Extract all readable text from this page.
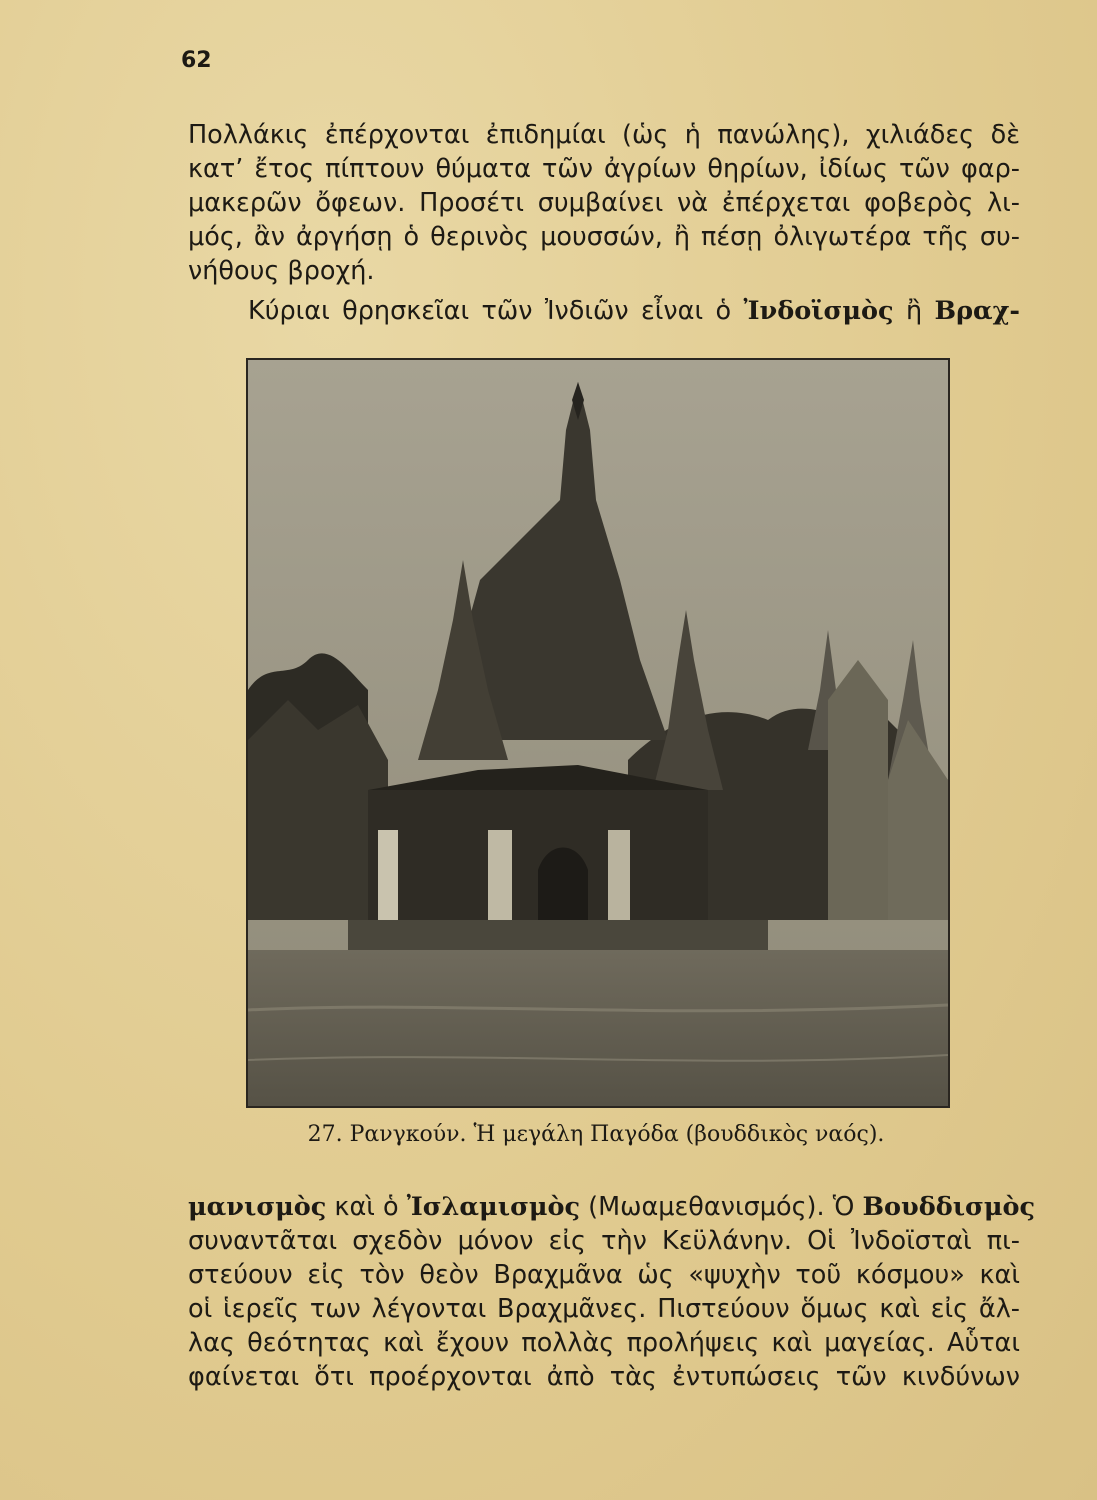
62

Πολλάκις ἐπέρχονται ἐπιδημίαι (ὡς ἡ πανώλης), χιλιάδες δὲ
κατ’ ἔτος πίπτουν θύματα τῶν ἀγρίων θηρίων, ἰδίως τῶν φαρ-
μακερῶν ὄφεων. Προσέτι συμβαίνει νὰ ἐπέρχεται φοβερὸς λι-
μός, ἂν ἀργήσῃ ὁ θερινὸς μουσσών, ἢ πέσῃ ὀλιγωτέρα τῆς συ-
νήθους βροχή.

Κύριαι θρησκεῖαι τῶν Ἰνδιῶν εἶναι ὁ Ἰνδοϊσμὸς ἢ Βραχ-

27. Ρανγκούν. Ἡ μεγάλη Παγόδα (βουδδικὸς ναός).

μανισμὸς καὶ ὁ Ἰσλαμισμὸς (Μωαμεθανισμός). Ὁ Βουδδισμὸς
συναντᾶται σχεδὸν μόνον εἰς τὴν Κεϋλάνην. Οἱ Ἰνδοϊσταὶ πι-
στεύουν εἰς τὸν θεὸν Βραχμᾶνα ὡς «ψυχὴν τοῦ κόσμου» καὶ
οἱ ἱερεῖς των λέγονται Βραχμᾶνες. Πιστεύουν ὅμως καὶ εἰς ἄλ-
λας θεότητας καὶ ἔχουν πολλὰς προλήψεις καὶ μαγείας. Αὗται
φαίνεται ὅτι προέρχονται ἀπὸ τὰς ἐντυπώσεις τῶν κινδύνων
